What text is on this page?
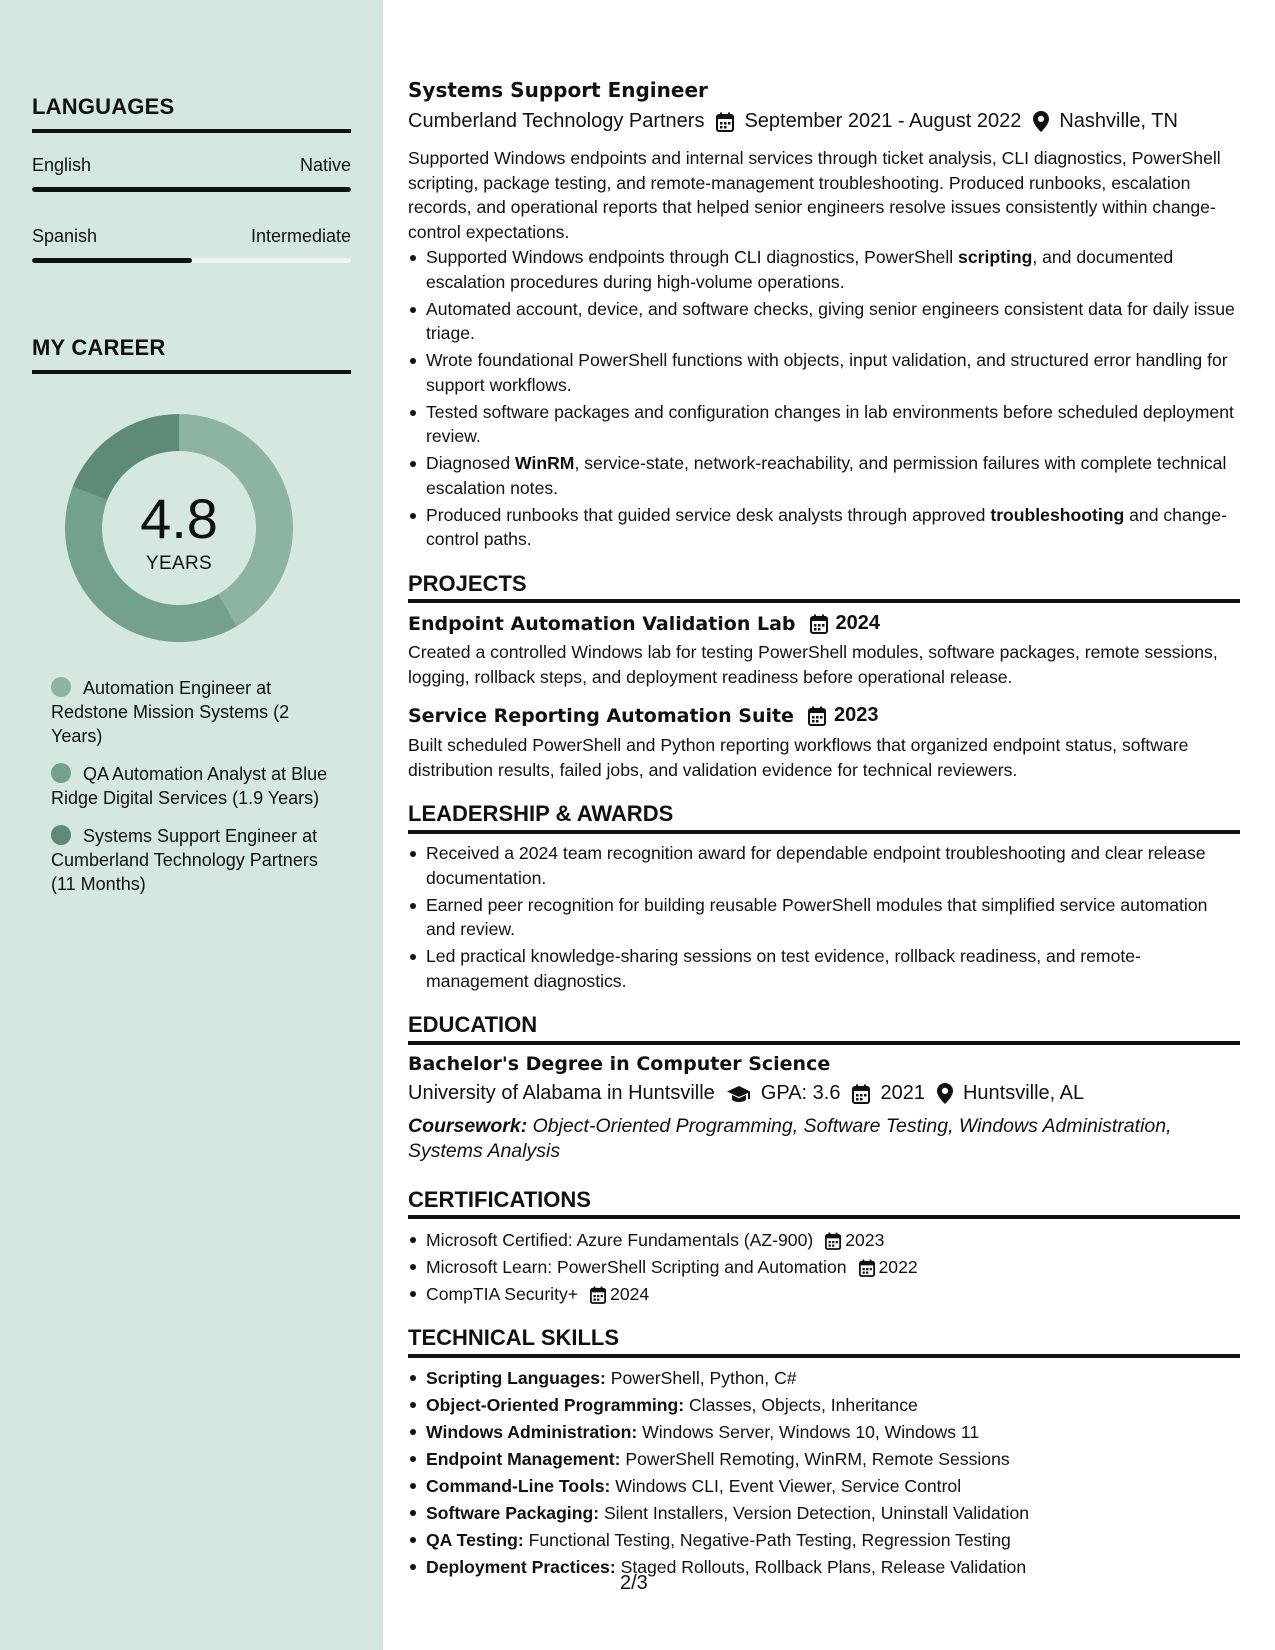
LANGUAGES
English	Native
Spanish	Intermediate
MY CAREER
4.8
YEARS
Automation Engineer at Redstone Mission Systems (2 Years)
QA Automation Analyst at Blue Ridge Digital Services (1.9 Years)
Systems Support Engineer at Cumberland Technology Partners (11 Months)
Systems Support Engineer
Cumberland Technology Partners September 2021 - August 2022 Nashville, TN
Supported Windows endpoints and internal services through ticket analysis, CLI diagnostics, PowerShell scripting, package testing, and remote-management troubleshooting. Produced runbooks, escalation records, and operational reports that helped senior engineers resolve issues consistently within change-control expectations.
Supported Windows endpoints through CLI diagnostics, PowerShell scripting, and documented escalation procedures during high-volume operations.
Automated account, device, and software checks, giving senior engineers consistent data for daily issue triage.
Wrote foundational PowerShell functions with objects, input validation, and structured error handling for support workflows.
Tested software packages and configuration changes in lab environments before scheduled deployment review.
Diagnosed WinRM, service-state, network-reachability, and permission failures with complete technical escalation notes.
Produced runbooks that guided service desk analysts through approved troubleshooting and change-control paths.
PROJECTS
Endpoint Automation Validation Lab 2024
Created a controlled Windows lab for testing PowerShell modules, software packages, remote sessions, logging, rollback steps, and deployment readiness before operational release.
Service Reporting Automation Suite 2023
Built scheduled PowerShell and Python reporting workflows that organized endpoint status, software distribution results, failed jobs, and validation evidence for technical reviewers.
LEADERSHIP & AWARDS
Received a 2024 team recognition award for dependable endpoint troubleshooting and clear release documentation.
Earned peer recognition for building reusable PowerShell modules that simplified service automation and review.
Led practical knowledge-sharing sessions on test evidence, rollback readiness, and remote-management diagnostics.
EDUCATION
Bachelor's Degree in Computer Science
University of Alabama in Huntsville GPA: 3.6 2021 Huntsville, AL
Coursework: Object-Oriented Programming, Software Testing, Windows Administration, Systems Analysis
CERTIFICATIONS
Microsoft Certified: Azure Fundamentals (AZ-900) 2023
Microsoft Learn: PowerShell Scripting and Automation 2022
CompTIA Security+ 2024
TECHNICAL SKILLS
Scripting Languages: PowerShell, Python, C#
Object-Oriented Programming: Classes, Objects, Inheritance
Windows Administration: Windows Server, Windows 10, Windows 11
Endpoint Management: PowerShell Remoting, WinRM, Remote Sessions
Command-Line Tools: Windows CLI, Event Viewer, Service Control
Software Packaging: Silent Installers, Version Detection, Uninstall Validation
QA Testing: Functional Testing, Negative-Path Testing, Regression Testing
Deployment Practices: Staged Rollouts, Rollback Plans, Release Validation
2/3
